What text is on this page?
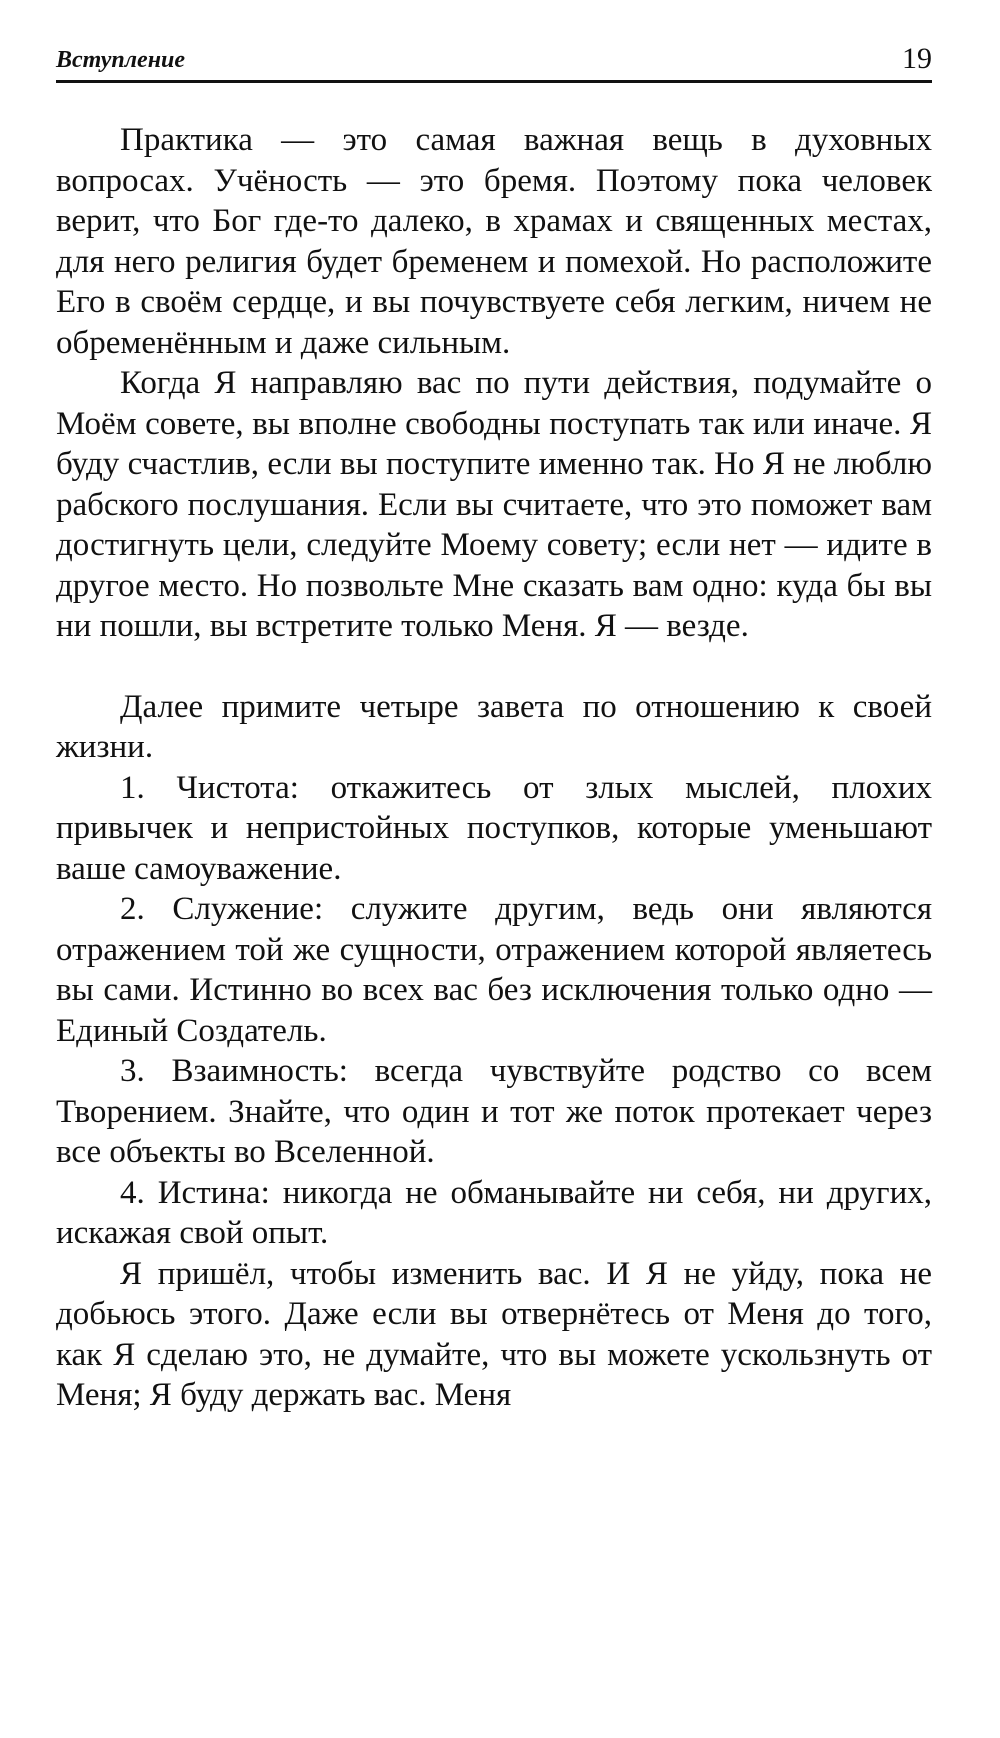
Вступление	19

Практика — это самая важная вещь в духовных вопросах. Учёность — это бремя. Поэтому пока человек верит, что Бог где-то далеко, в храмах и священных местах, для него религия будет бременем и помехой. Но расположите Его в своём сердце, и вы почувствуете себя легким, ничем не обременённым и даже сильным.

Когда Я направляю вас по пути действия, подумайте о Моём совете, вы вполне свободны поступать так или иначе. Я буду счастлив, если вы поступите именно так. Но Я не люблю рабского послушания. Если вы считаете, что это поможет вам достигнуть цели, следуйте Моему совету; если нет — идите в другое место. Но позвольте Мне сказать вам одно: куда бы вы ни пошли, вы встретите только Меня. Я — везде.

Далее примите четыре завета по отношению к своей жизни.

1. Чистота: откажитесь от злых мыслей, плохих привычек и непристойных поступков, которые уменьшают ваше самоуважение.

2. Служение: служите другим, ведь они являются отражением той же сущности, отражением которой являетесь вы сами. Истинно во всех вас без исключения только одно — Единый Создатель.

3. Взаимность: всегда чувствуйте родство со всем Творением. Знайте, что один и тот же поток протекает через все объекты во Вселенной.

4. Истина: никогда не обманывайте ни себя, ни других, искажая свой опыт.

Я пришёл, чтобы изменить вас. И Я не уйду, пока не добьюсь этого. Даже если вы отвернётесь от Меня до того, как Я сделаю это, не думайте, что вы можете ускользнуть от Меня; Я буду держать вас. Меня
